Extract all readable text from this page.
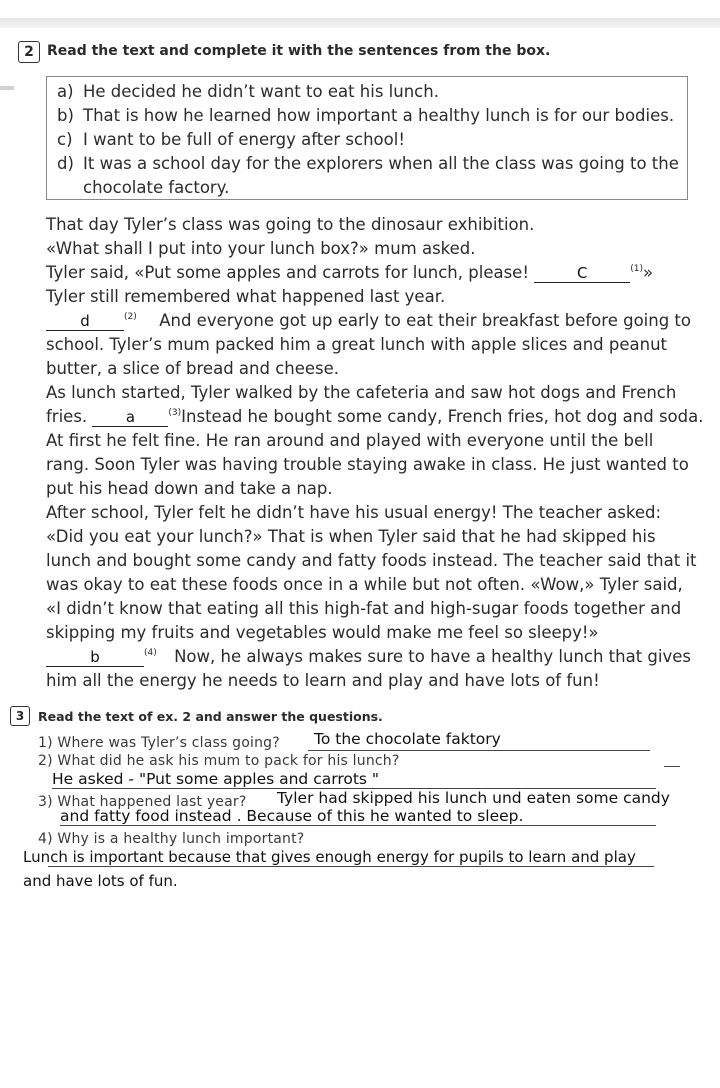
2 Read the text and complete it with the sentences from the box.
a) He decided he didn’t want to eat his lunch.
b) That is how he learned how important a healthy lunch is for our bodies.
c) I want to be full of energy after school!
d) It was a school day for the explorers when all the class was going to the
chocolate factory.
That day Tyler’s class was going to the dinosaur exhibition.
«What shall I put into your lunch box?» mum asked.
Tyler said, «Put some apples and carrots for lunch, please!	C	$^{(1)}$»
Tyler still remembered what happened last year.
d	$^{(2)}$ And everyone got up early to eat their breakfast before going to
school. Tyler’s mum packed him a great lunch with apple slices and peanut
butter, a slice of bread and cheese.
As lunch started, Tyler walked by the cafeteria and saw hot dogs and French
fries.	a	$^{(3)}$ Instead he bought some candy, French fries, hot dog and soda.
At first he felt fine. He ran around and played with everyone until the bell
rang. Soon Tyler was having trouble staying awake in class. He just wanted to
put his head down and take a nap.
After school, Tyler felt he didn’t have his usual energy! The teacher asked:
«Did you eat your lunch?» That is when Tyler said that he had skipped his
lunch and bought some candy and fatty foods instead. The teacher said that it
was okay to eat these foods once in a while but not often. «Wow,» Tyler said,
«I didn’t know that eating all this high-fat and high-sugar foods together and
skipping my fruits and vegetables would make me feel so sleepy!»
b	$^{(4)}$ Now, he always makes sure to have a healthy lunch that gives
him all the energy he needs to learn and play and have lots of fun!
3	Read the text of ex. 2 and answer the questions.
1) Where was Tyler’s class going? To the chocolate faktory
2) What did he ask his mum to pack for his lunch?
He asked - "Put some apples and carrots "
3) What happened last year? Tyler had skipped his lunch und eaten some candy
and fatty food instead . Because of this he wanted to sleep.
4) Why is a healthy lunch important?
Lunch is important because that gives enough energy for pupils to learn and play
and have lots of fun.
